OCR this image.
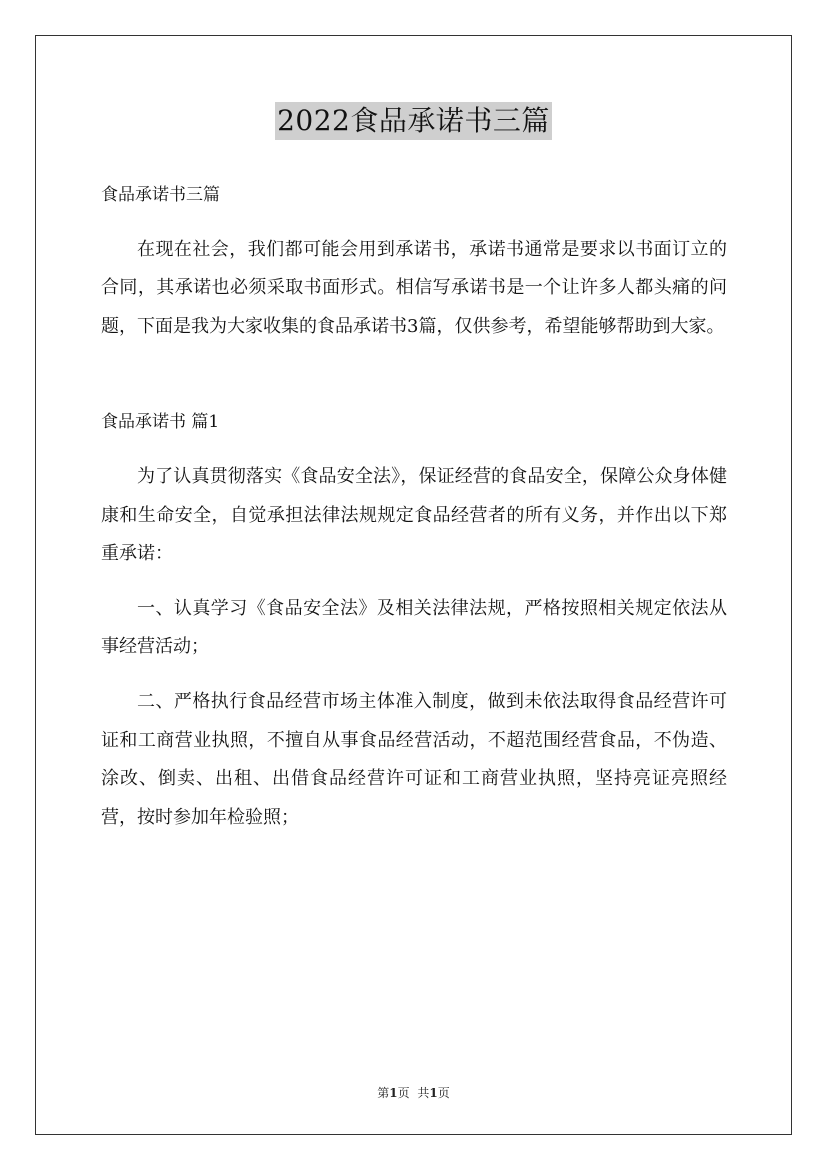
2022食品承诺书三篇

食品承诺书三篇

在现在社会，我们都可能会用到承诺书，承诺书通常是要求以书面订立的合同，其承诺也必须采取书面形式。相信写承诺书是一个让许多人都头痛的问题，下面是我为大家收集的食品承诺书3篇，仅供参考，希望能够帮助到大家。

食品承诺书 篇1

为了认真贯彻落实《食品安全法》，保证经营的食品安全，保障公众身体健康和生命安全，自觉承担法律法规规定食品经营者的所有义务，并作出以下郑重承诺：

一、认真学习《食品安全法》及相关法律法规，严格按照相关规定依法从事经营活动；

二、严格执行食品经营市场主体准入制度，做到未依法取得食品经营许可证和工商营业执照，不擅自从事食品经营活动，不超范围经营食品，不伪造、涂改、倒卖、出租、出借食品经营许可证和工商营业执照，坚持亮证亮照经营，按时参加年检验照；

第1页 共1页
